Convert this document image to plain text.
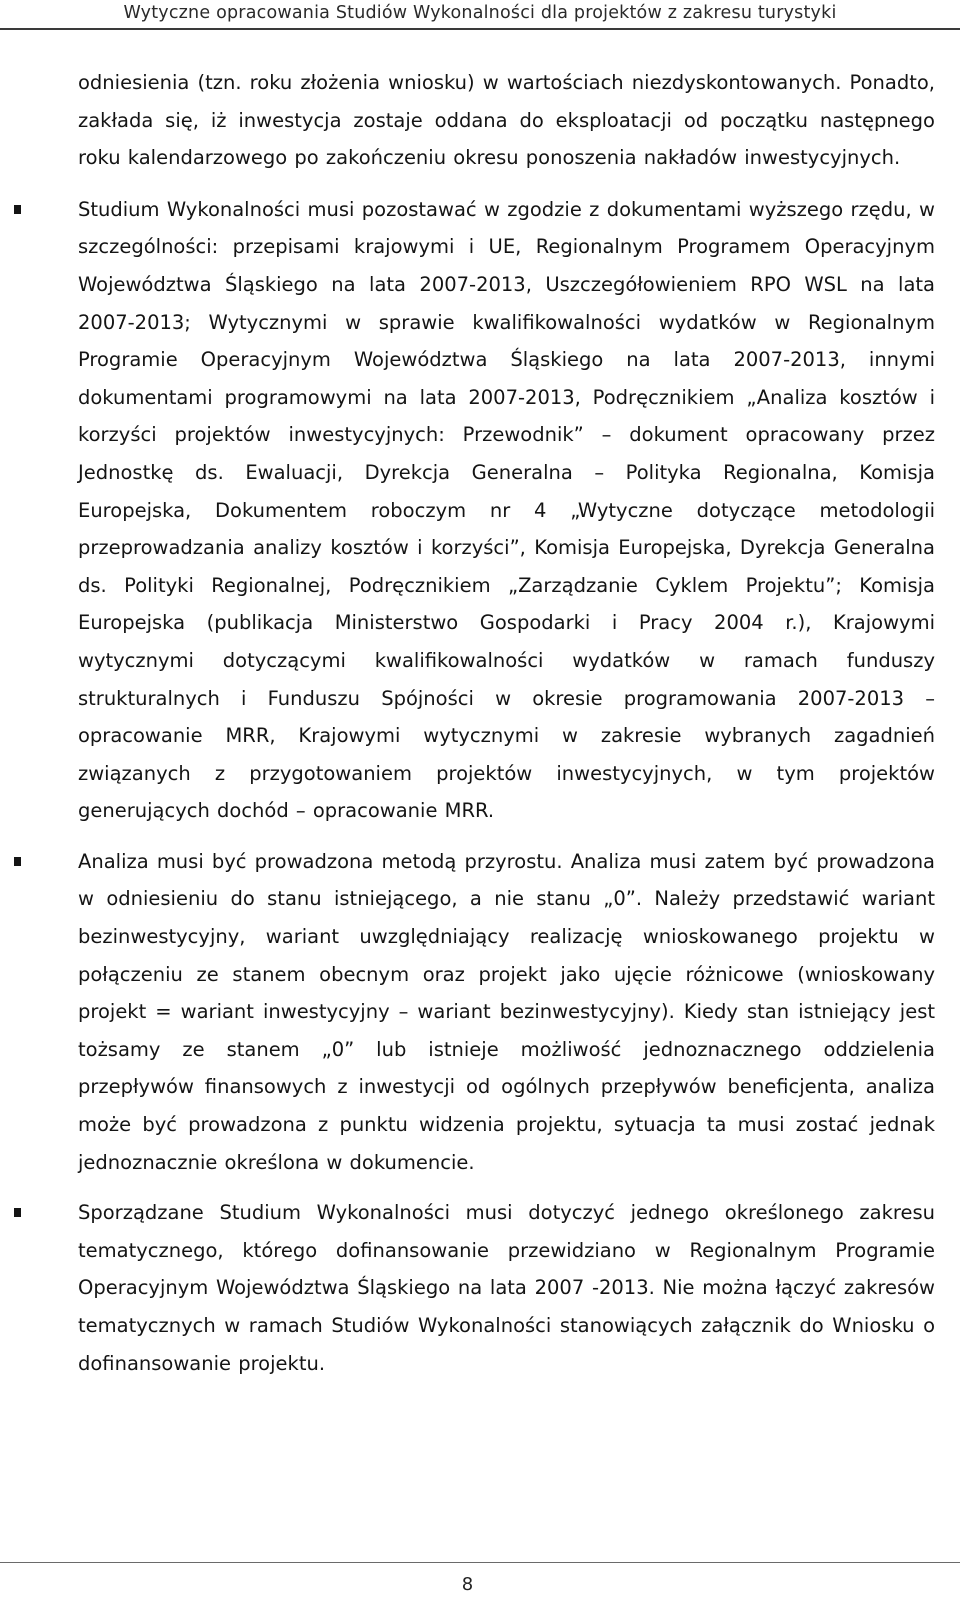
Wytyczne opracowania Studiów Wykonalności dla projektów z zakresu turystyki

odniesienia (tzn. roku złożenia wniosku) w wartościach niezdyskontowanych. Ponadto, zakłada się, iż inwestycja zostaje oddana do eksploatacji od początku następnego roku kalendarzowego po zakończeniu okresu ponoszenia nakładów inwestycyjnych.

Studium Wykonalności musi pozostawać w zgodzie z dokumentami wyższego rzędu, w szczególności: przepisami krajowymi i UE, Regionalnym Programem Operacyjnym Województwa Śląskiego na lata 2007-2013, Uszczegółowieniem RPO WSL na lata 2007-2013; Wytycznymi w sprawie kwalifikowalności wydatków w Regionalnym Programie Operacyjnym Województwa Śląskiego na lata 2007-2013, innymi dokumentami programowymi na lata 2007-2013, Podręcznikiem „Analiza kosztów i korzyści projektów inwestycyjnych: Przewodnik” – dokument opracowany przez Jednostkę ds. Ewaluacji, Dyrekcja Generalna – Polityka Regionalna, Komisja Europejska, Dokumentem roboczym nr 4 „Wytyczne dotyczące metodologii przeprowadzania analizy kosztów i korzyści”, Komisja Europejska, Dyrekcja Generalna ds. Polityki Regionalnej, Podręcznikiem „Zarządzanie Cyklem Projektu”; Komisja Europejska (publikacja Ministerstwo Gospodarki i Pracy 2004 r.), Krajowymi wytycznymi dotyczącymi kwalifikowalności wydatków w ramach funduszy strukturalnych i Funduszu Spójności w okresie programowania 2007-2013 – opracowanie MRR, Krajowymi wytycznymi w zakresie wybranych zagadnień związanych z przygotowaniem projektów inwestycyjnych, w tym projektów generujących dochód – opracowanie MRR.
Analiza musi być prowadzona metodą przyrostu. Analiza musi zatem być prowadzona w odniesieniu do stanu istniejącego, a nie stanu „0”. Należy przedstawić wariant bezinwestycyjny, wariant uwzględniający realizację wnioskowanego projektu w połączeniu ze stanem obecnym oraz projekt jako ujęcie różnicowe (wnioskowany projekt = wariant inwestycyjny – wariant bezinwestycyjny). Kiedy stan istniejący jest tożsamy ze stanem „0” lub istnieje możliwość jednoznacznego oddzielenia przepływów finansowych z inwestycji od ogólnych przepływów beneficjenta, analiza może być prowadzona z punktu widzenia projektu, sytuacja ta musi zostać jednak jednoznacznie określona w dokumencie.
Sporządzane Studium Wykonalności musi dotyczyć jednego określonego zakresu tematycznego, którego dofinansowanie przewidziano w Regionalnym Programie Operacyjnym Województwa Śląskiego na lata 2007 -2013. Nie można łączyć zakresów tematycznych w ramach Studiów Wykonalności stanowiących załącznik do Wniosku o dofinansowanie projektu.
8
